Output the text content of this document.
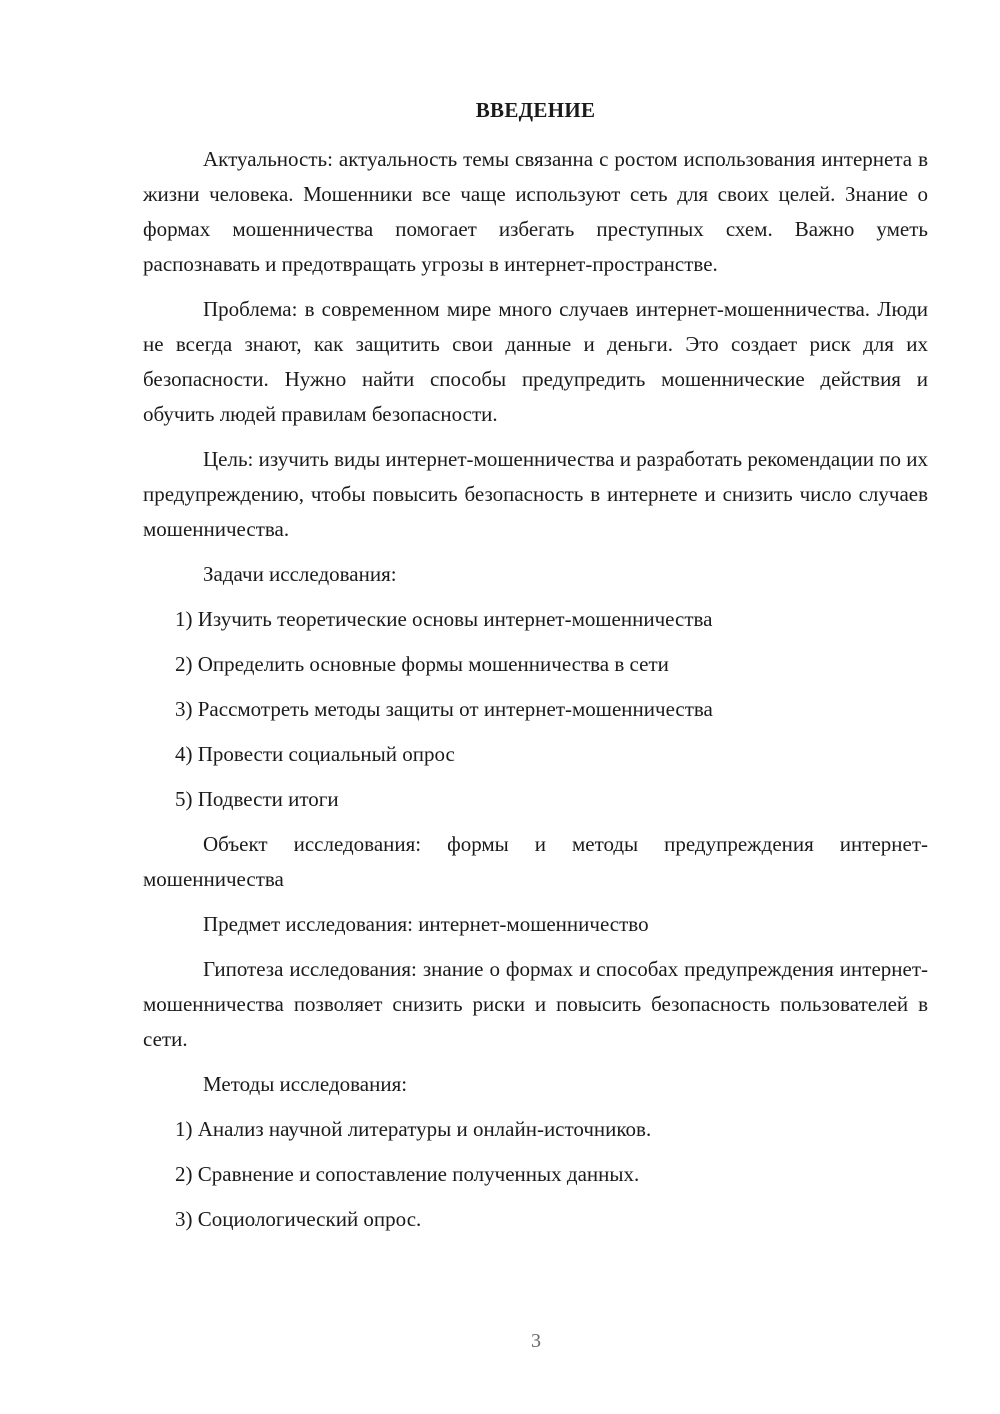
ВВЕДЕНИЕ

Актуальность: актуальность темы связанна с ростом использования интернета в жизни человека. Мошенники все чаще используют сеть для своих целей. Знание о формах мошенничества помогает избегать преступных схем. Важно уметь распознавать и предотвращать угрозы в интернет-пространстве.

Проблема: в современном мире много случаев интернет-мошенничества. Люди не всегда знают, как защитить свои данные и деньги. Это создает риск для их безопасности. Нужно найти способы предупредить мошеннические действия и обучить людей правилам безопасности.

Цель: изучить виды интернет-мошенничества и разработать рекомендации по их предупреждению, чтобы повысить безопасность в интернете и снизить число случаев мошенничества.

Задачи исследования:

1) Изучить теоретические основы интернет-мошенничества
2) Определить основные формы мошенничества в сети
3) Рассмотреть методы защиты от интернет-мошенничества
4) Провести социальный опрос
5) Подвести итоги

Объект исследования: формы и методы предупреждения интернет-мошенничества

Предмет исследования: интернет-мошенничество

Гипотеза исследования: знание о формах и способах предупреждения интернет-мошенничества позволяет снизить риски и повысить безопасность пользователей в сети.

Методы исследования:

1) Анализ научной литературы и онлайн-источников.
2) Сравнение и сопоставление полученных данных.
3) Социологический опрос.
3
